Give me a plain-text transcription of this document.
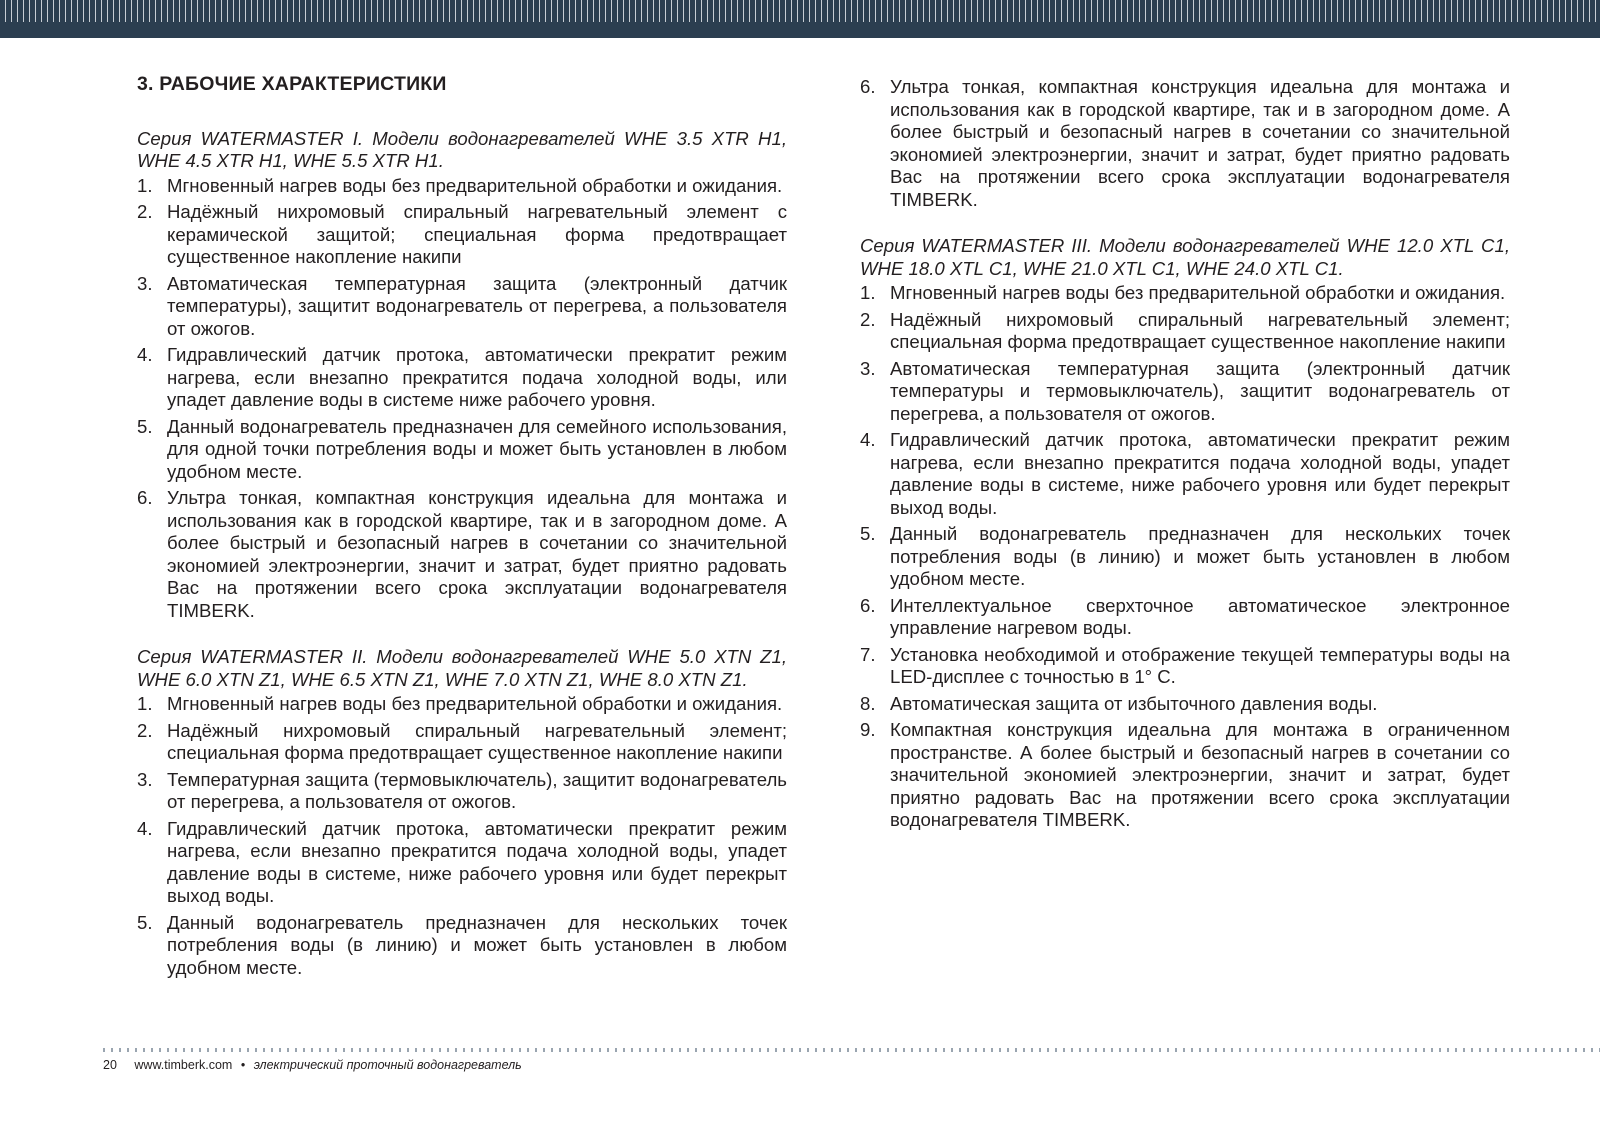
3. РАБОЧИЕ ХАРАКТЕРИСТИКИ
Серия WATERMASTER I. Модели водонагревателей WHE 3.5 XTR H1, WHE 4.5 XTR H1, WHE 5.5 XTR H1.
1. Мгновенный нагрев воды без предварительной обработки и ожидания.
2. Надёжный нихромовый спиральный нагревательный элемент с керамической защитой; специальная форма предотвращает существенное накопление накипи
3. Автоматическая температурная защита (электронный датчик температуры), защитит водонагреватель от перегрева, а пользователя от ожогов.
4. Гидравлический датчик протока, автоматически прекратит режим нагрева, если внезапно прекратится подача холодной воды, или упадет давление воды в системе ниже рабочего уровня.
5. Данный водонагреватель предназначен для семейного использования, для одной точки потребления воды и может быть установлен в любом удобном месте.
6. Ультра тонкая, компактная конструкция идеальна для монтажа и использования как в городской квартире, так и в загородном доме. А более быстрый и безопасный нагрев в сочетании со значительной экономией электроэнергии, значит и затрат, будет приятно радовать Вас на протяжении всего срока эксплуатации водонагревателя TIMBERK.
Серия WATERMASTER II. Модели водонагревателей WHE 5.0 XTN Z1, WHE 6.0 XTN Z1, WHE 6.5 XTN Z1, WHE 7.0 XTN Z1, WHE 8.0 XTN Z1.
1. Мгновенный нагрев воды без предварительной обработки и ожидания.
2. Надёжный нихромовый спиральный нагревательный элемент; специальная форма предотвращает существенное накопление накипи
3. Температурная защита (термовыключатель), защитит водонагреватель от перегрева, а пользователя от ожогов.
4. Гидравлический датчик протока, автоматически прекратит режим нагрева, если внезапно прекратится подача холодной воды, упадет давление воды в системе, ниже рабочего уровня или будет перекрыт выход воды.
5. Данный водонагреватель предназначен для нескольких точек потребления воды (в линию) и может быть установлен в любом удобном месте.
6. Ультра тонкая, компактная конструкция идеальна для монтажа и использования как в городской квартире, так и в загородном доме. А более быстрый и безопасный нагрев в сочетании со значительной экономией электроэнергии, значит и затрат, будет приятно радовать Вас на протяжении всего срока эксплуатации водонагревателя TIMBERK.
Серия WATERMASTER III. Модели водонагревателей WHE 12.0 XTL C1, WHE 18.0 XTL C1, WHE 21.0 XTL C1, WHE 24.0 XTL C1.
1. Мгновенный нагрев воды без предварительной обработки и ожидания.
2. Надёжный нихромовый спиральный нагревательный элемент; специальная форма предотвращает существенное накопление накипи
3. Автоматическая температурная защита (электронный датчик температуры и термовыключатель), защитит водонагреватель от перегрева, а пользователя от ожогов.
4. Гидравлический датчик протока, автоматически прекратит режим нагрева, если внезапно прекратится подача холодной воды, упадет давление воды в системе, ниже рабочего уровня или будет перекрыт выход воды.
5. Данный водонагреватель предназначен для нескольких точек потребления воды (в линию) и может быть установлен в любом удобном месте.
6. Интеллектуальное сверхточное автоматическое электронное управление нагревом воды.
7. Установка необходимой и отображение текущей температуры воды на LED-дисплее с точностью в 1° С.
8. Автоматическая защита от избыточного давления воды.
9. Компактная конструкция идеальна для монтажа в ограниченном пространстве. А более быстрый и безопасный нагрев в сочетании со значительной экономией электроэнергии, значит и затрат, будет приятно радовать Вас на протяжении всего срока эксплуатации водонагревателя TIMBERK.
20 www.timberk.com • электрический проточный водонагреватель
